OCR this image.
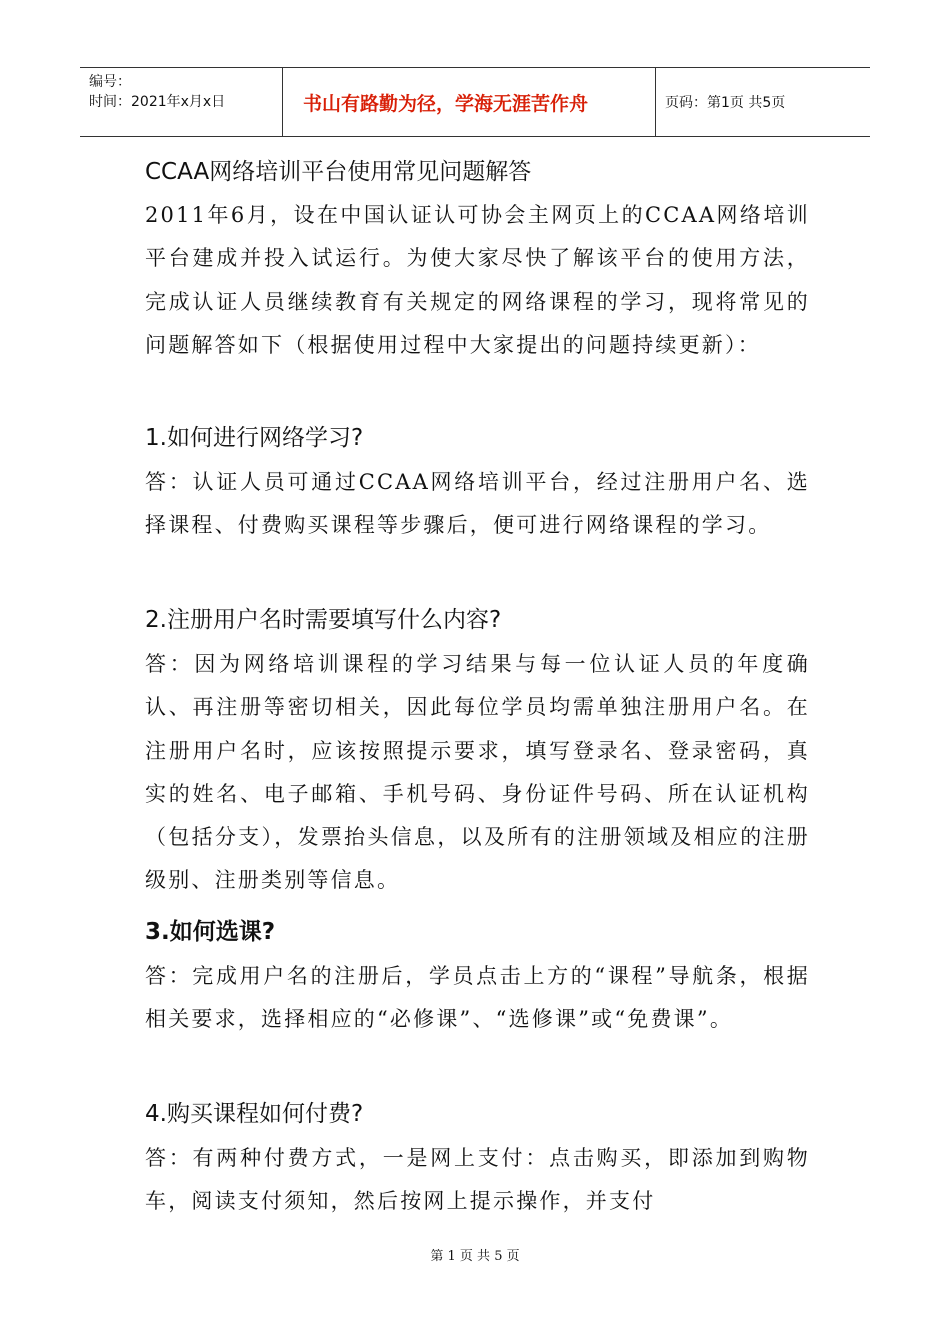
编号：
时间：2021年x月x日	书山有路勤为径，学海无涯苦作舟	页码：第1页 共5页
CCAA网络培训平台使用常见问题解答

2011年6月，设在中国认证认可协会主网页上的CCAA网络培训平台建成并投入试运行。为使大家尽快了解该平台的使用方法，完成认证人员继续教育有关规定的网络课程的学习，现将常见的问题解答如下（根据使用过程中大家提出的问题持续更新）：

1.如何进行网络学习?

答：认证人员可通过CCAA网络培训平台，经过注册用户名、选择课程、付费购买课程等步骤后，便可进行网络课程的学习。

2.注册用户名时需要填写什么内容?

答：因为网络培训课程的学习结果与每一位认证人员的年度确认、再注册等密切相关，因此每位学员均需单独注册用户名。在注册用户名时，应该按照提示要求，填写登录名、登录密码，真实的姓名、电子邮箱、手机号码、身份证件号码、所在认证机构（包括分支），发票抬头信息，以及所有的注册领域及相应的注册级别、注册类别等信息。

3.如何选课?

答：完成用户名的注册后，学员点击上方的“课程”导航条，根据相关要求，选择相应的“必修课”、“选修课”或“免费课”。

4.购买课程如何付费?

答：有两种付费方式，一是网上支付：点击购买，即添加到购物车，阅读支付须知，然后按网上提示操作，并支付

第 1 页 共 5 页
